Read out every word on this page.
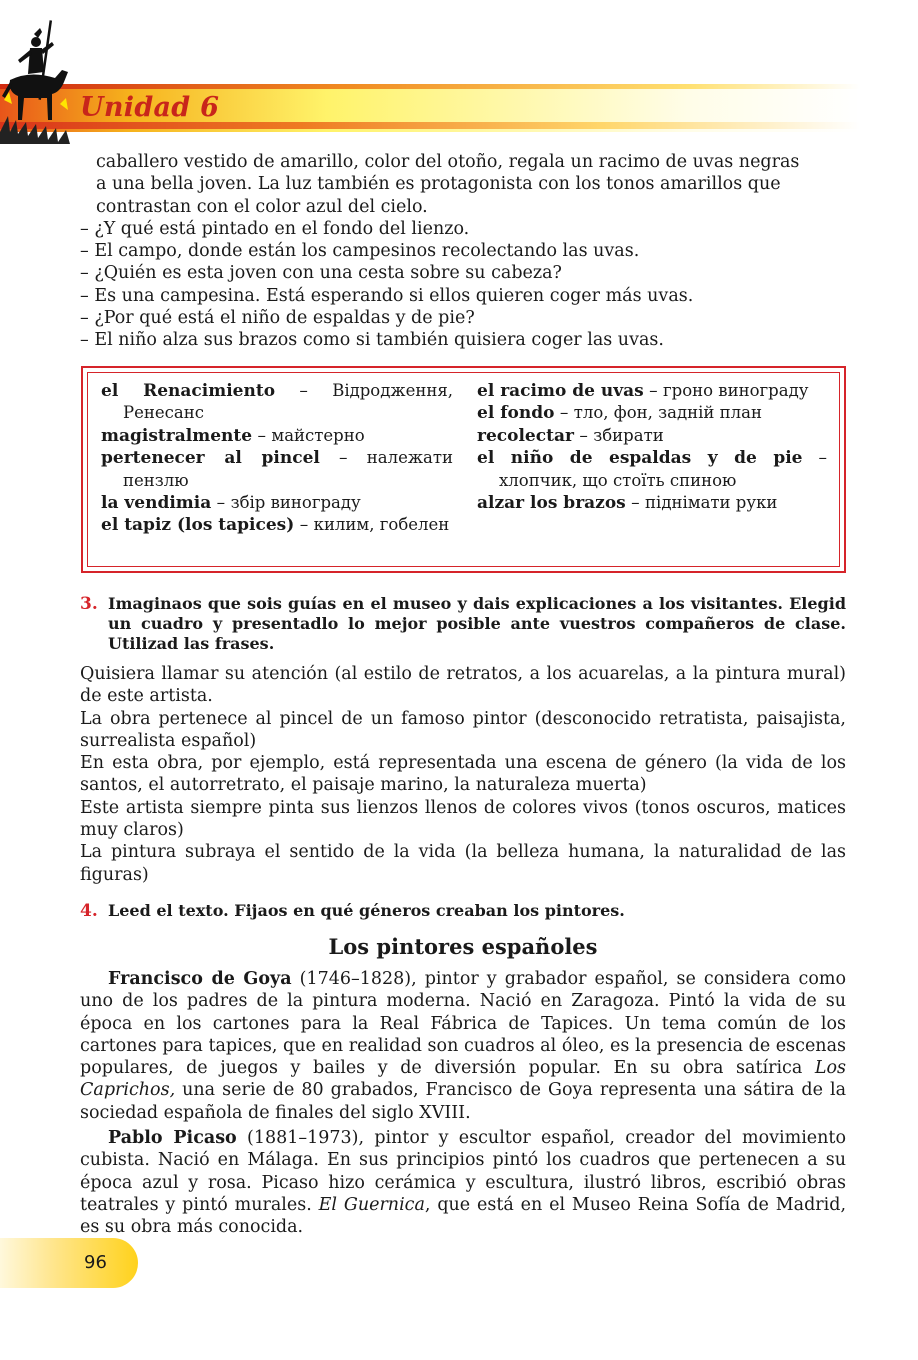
Unidad 6
caballero vestido de amarillo, color del otoño, regala un racimo de uvas negras
a una bella joven. La luz también es protagonista con los tonos amarillos que
contrastan con el color azul del cielo.
– ¿Y qué está pintado en el fondo del lienzo.
– El campo, donde están los campesinos recolectando las uvas.
– ¿Quién es esta joven con una cesta sobre su cabeza?
– Es una campesina. Está esperando si ellos quieren coger más uvas.
– ¿Por qué está el niño de espaldas y de pie?
– El niño alza sus brazos como si también quisiera coger las uvas.
el Renacimiento – Відродження, Ренесанс
magistralmente – майстерно
pertenecer al pincel – належати пензлю
la vendimia – збір винограду
el tapiz (los tapices) – килим, гобелен
el racimo de uvas – гроно винограду
el fondo – тло, фон, задній план
recolectar – збирати
el niño de espaldas y de pie – хлопчик, що стоїть спиною
alzar los brazos – піднімати руки
3. Imaginaos que sois guías en el museo y dais explicaciones a los visitantes. Elegid un cuadro y presentadlo lo mejor posible ante vuestros compañeros de clase. Utilizad las frases.
Quisiera llamar su atención (al estilo de retratos, a los acuarelas, a la pintura mural) de este artista.
La obra pertenece al pincel de un famoso pintor (desconocido retratista, paisajista, surrealista español)
En esta obra, por ejemplo, está representada una escena de género (la vida de los santos, el autorretrato, el paisaje marino, la naturaleza muerta)
Este artista siempre pinta sus lienzos llenos de colores vivos (tonos oscuros, matices muy claros)
La pintura subraya el sentido de la vida (la belleza humana, la naturalidad de las figuras)
4. Leed el texto. Fijaos en qué géneros creaban los pintores.
Los pintores españoles
Francisco de Goya (1746–1828), pintor y grabador español, se considera como uno de los padres de la pintura moderna. Nació en Zaragoza. Pintó la vida de su época en los cartones para la Real Fábrica de Tapices. Un tema común de los cartones para tapices, que en realidad son cuadros al óleo, es la presencia de escenas populares, de juegos y bailes y de diversión popular. En su obra satírica Los Caprichos, una serie de 80 grabados, Francisco de Goya representa una sátira de la sociedad española de finales del siglo XVIII.
Pablo Picaso (1881–1973), pintor y escultor español, creador del movimiento cubista. Nació en Málaga. En sus principios pintó los cuadros que pertenecen a su época azul y rosa. Picaso hizo cerámica y escultura, ilustró libros, escribió obras teatrales y pintó murales. El Guernica, que está en el Museo Reina Sofía de Madrid, es su obra más conocida.
96
